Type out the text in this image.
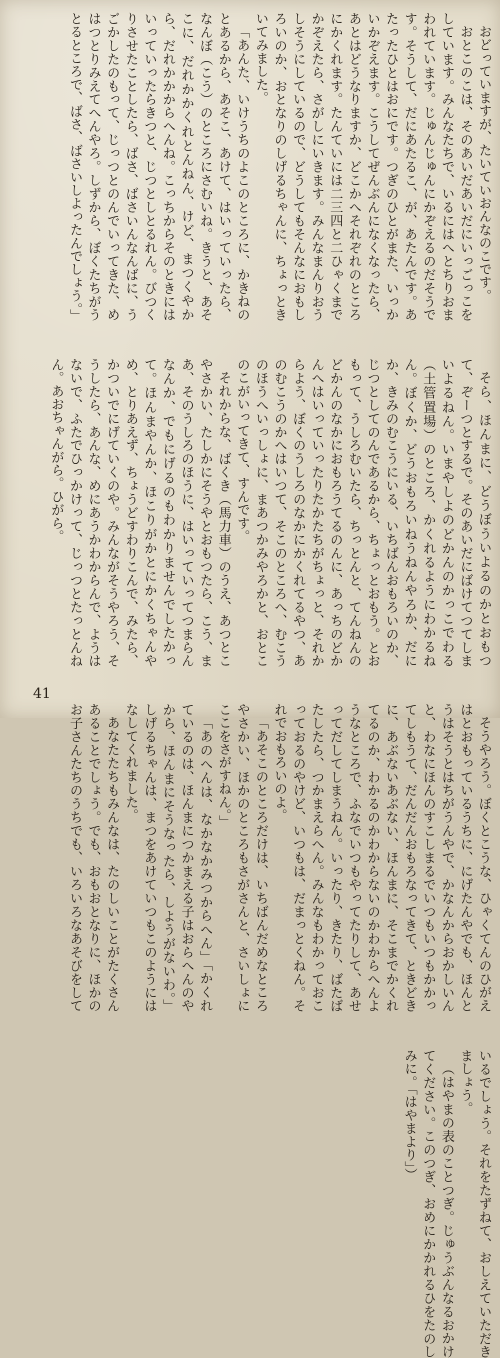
おどっていますが、たいていおんなのこです。

おとこのこは、そのあいだあいだにいっごっこをしています。みんなたちで、いるにはへとちりおまわれています。じゅんじゅんにかぞえるのだそうです。そうして、だにあたるこ、が、あたんです。あたったひとはおにです。つぎのひとがまた、いっかいかぞえます。こうしてぜんぶんになくなったら、あとはどうなりますか、どこかへそれぞれのところにかくれます。たんていには二三四と二ひゃくまでかぞえたら、さがしにいきます。みんなまんりおうしそうにしているので、どうしてもそんなにおもしろいのか、おとなりのしげるちゃんに、ちょっときいてみました。

「あんた、いけうちのよこのところに、かきねのとあるから、あそこ、あけて、はいっていったら、なんぼ（こう）のところにさむいね。きうと、あそこに、だれかかくれとんねん、けど、まつくやから、だれかかからへんね。こっちからそのときにはいっていったらきつと、じつとしとるれん。びつくりさせたことしたら、ばさ、ばさいんなんばに、うごかしたのもって、じっつとのんでいってきた、めはつとりみえてへんやろ。しずから、ぼくたちがうとるところで、ばさ、ばさいしよったんでしょう。」

そら、ほんまに、どうぼういよるのかとおもつて、ぞーつとするで。そのあいだにばけてつてしまいよるねん。いまやしよのどかんのかっこでわる（土管置場）のところ、かくれるようにわかるねん。ぼくか、どうおもろいねうねんやろか、だにか、きみのむこうにいる、いちばんおもろいのか、じつとしてのんであるから、ちょっとおもう。とおもって、うしろむいたら、ちっとんと、てんねんのどかんのなかにおもろうてるのんに、あっちのどかんへはいっていったりたかたちがちょっと、それからよう、ぼくのうしろのなかにかくれてるやつ、あのむこうのかへはいつて、そこのところへ、むこうのほうへいっしょに、まあつかみやろかと、おとこのこがいってきて、すんです。

それからな、ばくき（馬力車）のうえ、あつとこやさかい、たしかにそうやとおもつたら、こう、まあ、そのうしろのほうに、はいっていってつまらんなんか、でもにげるのもわかりませんでしたかって。ほんまやんか、ほこりがかとにかくちゃんやめ、とりあえず、ちょうどすわりこんで、みたら、かついでにげていくのや。みんながそうやろう、そうしたら、あんな、めにあうかわからんで、ようはないで、ふたでひっかけって、じっつとたっとんねん。あおちゃんがら。ひがら。

そうやろう。ぼくとこうな、ひゃくてんのひがえはとおもっているうちに、にげたんやでも、ほんとうはそうとはちがうんやで、かなんからおかしいんと、わなにほんのすこしまるでいつもいつもかかってしもうて、だんだんおもろなってきて、ときどきに、あぶないあぶない、ほんまに、そこまでかくれてるのか、わかるのかわからないのかわからへんようなところで、ふなでいつもやってたりして、あせってだしてしまうねん。いったり、きたり、ばたばたしたら、つかまえらへん。みんなもわかっておこっておるのやけど、いつもは、だまっとくねん。それでおもろいのよ。

「あそこのところだけは、いちばんだめなところやさかい、ほかのところもさがさんと、さいしょにここをさがすねん。」

「あのへんは、なかなかみつからへん」「かくれているのは、ほんまにつかまえる子はおらへんのやから、ほんまにそうなったら、しようがないわ。」しげるちゃんは、まつをあけていつもこのようにはなしてくれました。

あなたたちもみんなは、たのしいことがたくさんあることでしょう。でも、おもおとなりに、ほかのお子さんたちのうちでも、いろいろなあそびをしているでしょう。それをたずねて、おしえていただきましょう。

（はやまの表のことつぎ。じゅうぶんなるおかけてください。このつぎ、おめにかかれるひをたのしみに。「はやまより」）

41
